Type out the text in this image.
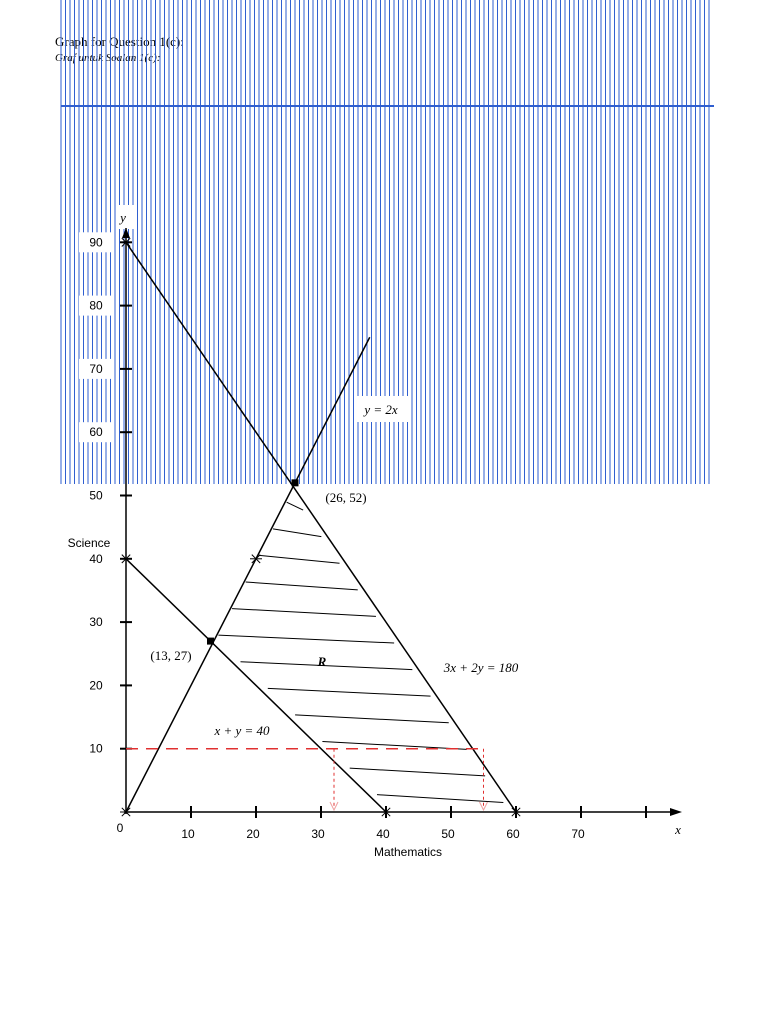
Graph for Question 1(c):
Graf untuk Soalan 1(c):
10	20	30	40	50	60	70
10
20
30
40
50
60
70
80
90
y
x
0
Mathematics
Science
y = 2x
3x + 2y = 180
x + y = 40
(26, 52)
(13, 27)	R
